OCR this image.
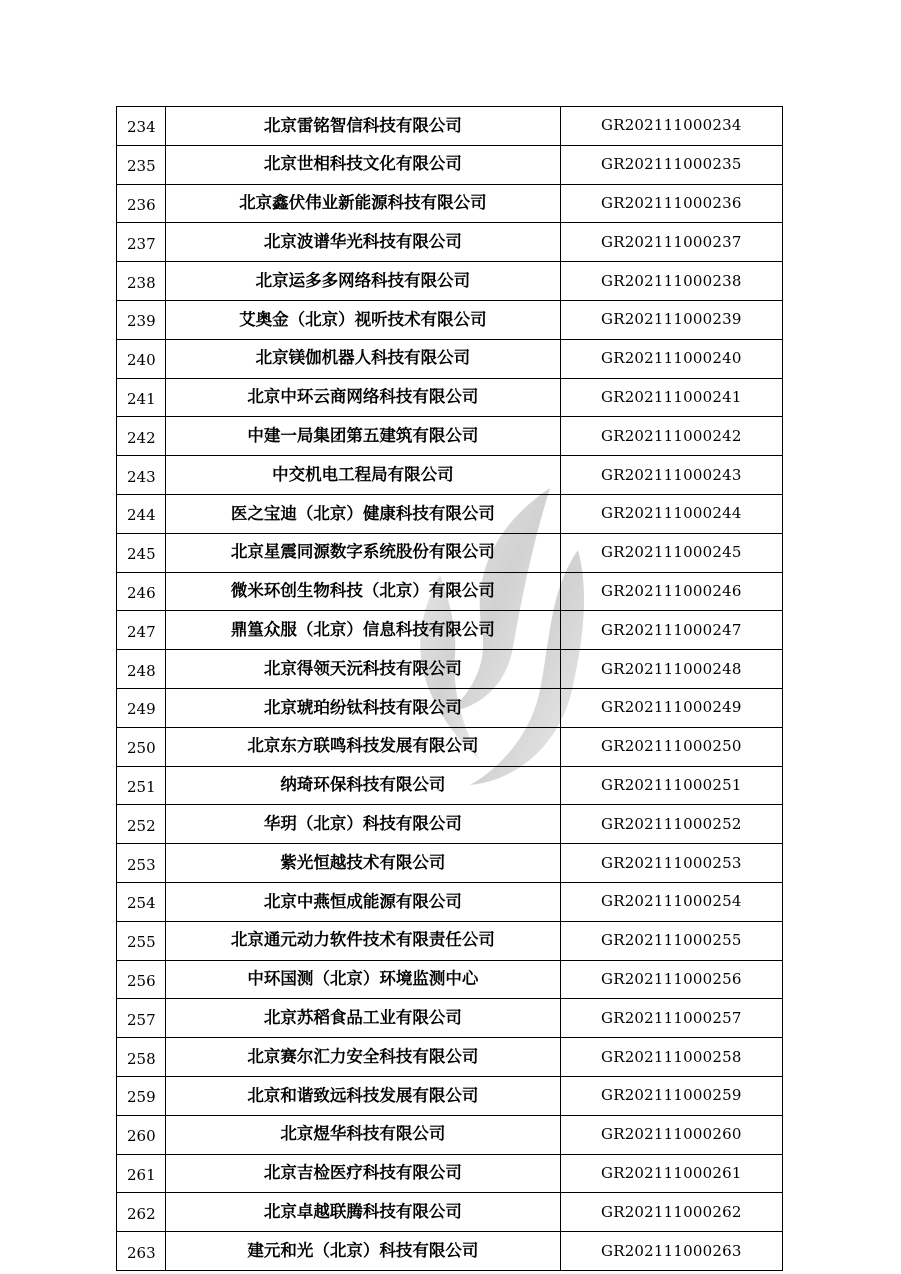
234	北京雷铭智信科技有限公司	GR202111000234
235	北京世相科技文化有限公司	GR202111000235
236	北京鑫伏伟业新能源科技有限公司	GR202111000236
237	北京波谱华光科技有限公司	GR202111000237
238	北京运多多网络科技有限公司	GR202111000238
239	艾奥金（北京）视听技术有限公司	GR202111000239
240	北京镁伽机器人科技有限公司	GR202111000240
241	北京中环云商网络科技有限公司	GR202111000241
242	中建一局集团第五建筑有限公司	GR202111000242
243	中交机电工程局有限公司	GR202111000243
244	医之宝迪（北京）健康科技有限公司	GR202111000244
245	北京星震同源数字系统股份有限公司	GR202111000245
246	微米环创生物科技（北京）有限公司	GR202111000246
247	鼎篁众服（北京）信息科技有限公司	GR202111000247
248	北京得领天沅科技有限公司	GR202111000248
249	北京琥珀纷钛科技有限公司	GR202111000249
250	北京东方联鸣科技发展有限公司	GR202111000250
251	纳琦环保科技有限公司	GR202111000251
252	华玥（北京）科技有限公司	GR202111000252
253	紫光恒越技术有限公司	GR202111000253
254	北京中燕恒成能源有限公司	GR202111000254
255	北京通元动力软件技术有限责任公司	GR202111000255
256	中环国测（北京）环境监测中心	GR202111000256
257	北京苏稻食品工业有限公司	GR202111000257
258	北京赛尔汇力安全科技有限公司	GR202111000258
259	北京和谐致远科技发展有限公司	GR202111000259
260	北京煜华科技有限公司	GR202111000260
261	北京吉检医疗科技有限公司	GR202111000261
262	北京卓越联腾科技有限公司	GR202111000262
263	建元和光（北京）科技有限公司	GR202111000263
